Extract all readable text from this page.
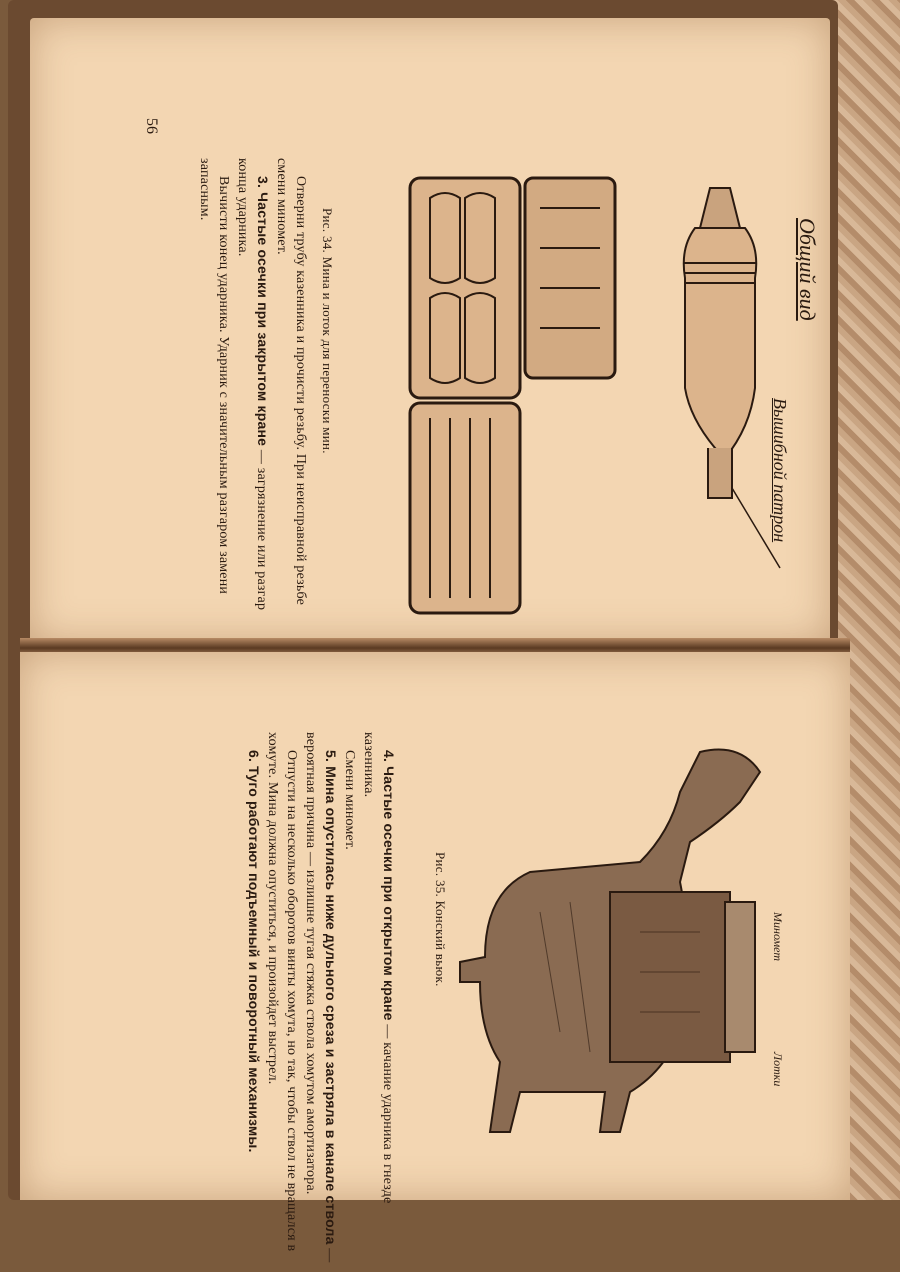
Общий вид
Вышибной патрон
Рис. 34. Мина и лоток для переноски мин.

Отверни трубу казенника и прочисти резьбу. При неисправной резьбе смени миномет.

3. Частые осечки при закрытом кране — загрязнение или разгар конца ударника.

Вычисти конец ударника. Ударник с значительным разгаром замени запасным.

56
Миномет
Лотки
Рис. 35. Конский вьюк.

4. Частые осечки при открытом кране — качание ударника в гнезде казенника.

Смени миномет.

5. Мина опустилась ниже дульного среза и застряла в канале ствола — вероятная причина — излишне тугая стяжка ствола хомутом амортизатора.

Отпусти на несколько оборотов винты хомута, но так, чтобы ствол не вращался в хомуте. Мина должна опуститься, и произойдет выстрел.

6. Туго работают подъемный и поворотный механизмы.
